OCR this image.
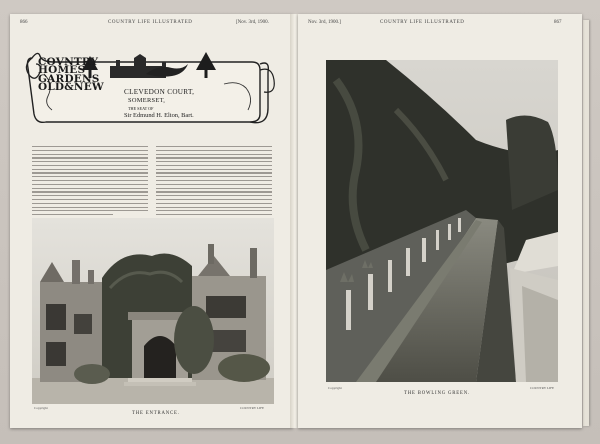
866	COUNTRY LIFE ILLUSTRATED	[Nov. 3rd, 1900.
COVNTRY
HOMES
GARDENS
OLD&NEW	CLEVEDON COURT,
SOMERSET,
THE SEAT OF
Sir Edmund H. Elton, Bart.
Copyright
THE ENTRANCE.
COUNTRY LIFE
Nov. 3rd, 1900.]	COUNTRY LIFE ILLUSTRATED	867
Copyright
THE BOWLING GREEN.
COUNTRY LIFE
